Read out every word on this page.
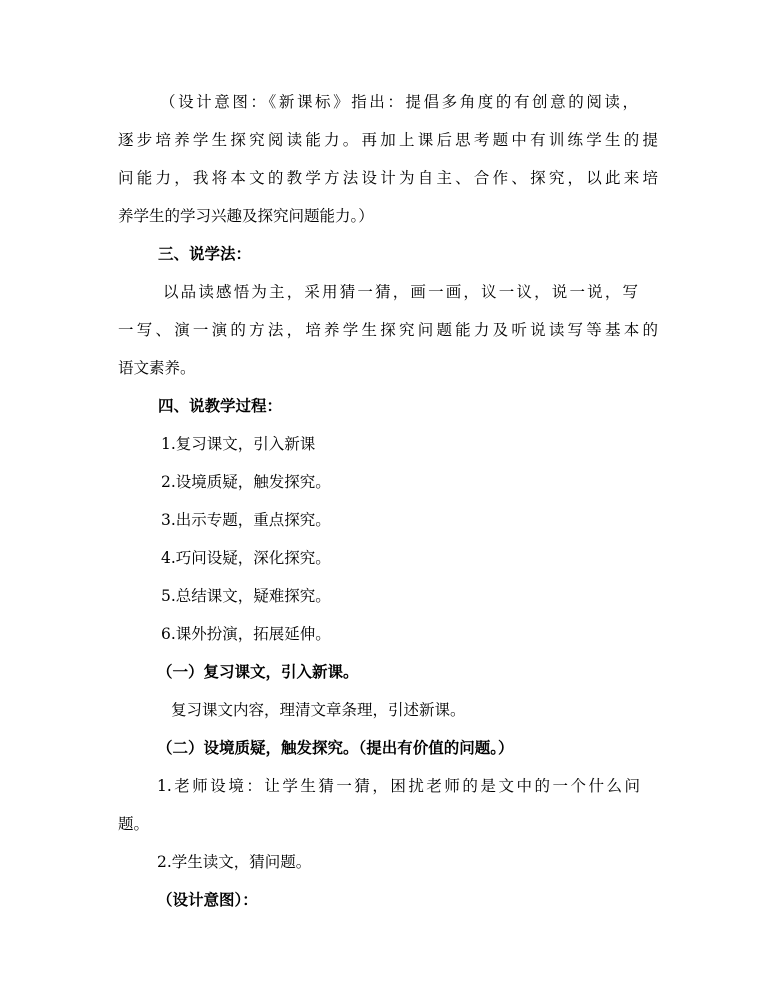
（设计意图：《新课标》指出：提倡多角度的有创意的阅读，
逐步培养学生探究阅读能力。再加上课后思考题中有训练学生的提
问能力，我将本文的教学方法设计为自主、合作、探究，以此来培
养学生的学习兴趣及探究问题能力。）
三、说学法：
以品读感悟为主，采用猜一猜，画一画，议一议，说一说，写
一写、演一演的方法，培养学生探究问题能力及听说读写等基本的
语文素养。
四、说教学过程：
1.复习课文，引入新课
2.设境质疑，触发探究。
3.出示专题，重点探究。
4.巧问设疑，深化探究。
5.总结课文，疑难探究。
6.课外扮演，拓展延伸。
（一）复习课文，引入新课。
复习课文内容，理清文章条理，引述新课。
（二）设境质疑，触发探究。（提出有价值的问题。）
1.老师设境：让学生猜一猜，困扰老师的是文中的一个什么问
题。
2.学生读文，猜问题。
（设计意图）：
